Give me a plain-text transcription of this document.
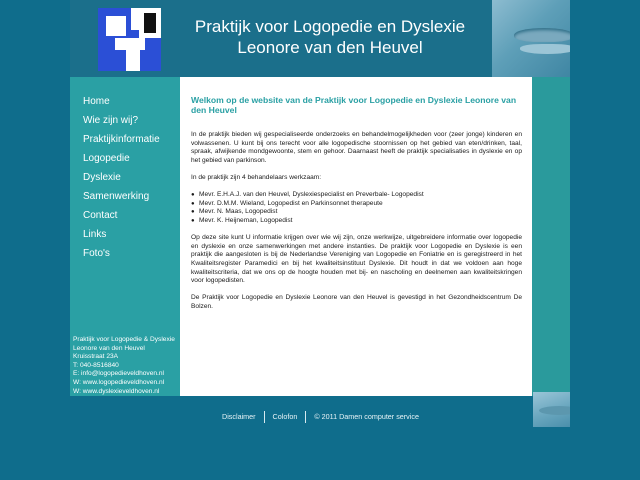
Praktijk voor Logopedie en Dyslexie
Leonore van den Heuvel
Home
Wie zijn wij?
Praktijkinformatie
Logopedie
Dyslexie
Samenwerking
Contact
Links
Foto's
Praktijk voor Logopedie & Dyslexie
Leonore van den Heuvel
Kruisstraat 23A
T: 040-8516840
E: info@logopedieveldhoven.nl
W: www.logopedieveldhoven.nl
W: www.dyslexieveldhoven.nl
Welkom op de website van de Praktijk voor Logopedie en Dyslexie Leonore van den Heuvel

In de praktijk bieden wij gespecialiseerde onderzoeks en behandelmogelijkheden voor (zeer jonge) kinderen en volwassenen. U kunt bij ons terecht voor alle logopedische stoornissen op het gebied van eten/drinken, taal, spraak, afwijkende mondgewoonte, stem en gehoor. Daarnaast heeft de praktijk specialisaties in dyslexie en op het gebied van parkinson.

In de praktijk zijn 4 behandelaars werkzaam:

● Mevr. E.H.A.J. van den Heuvel, Dyslexiespecialist en Preverbale- Logopedist
● Mevr. D.M.M. Wieland, Logopedist en Parkinsonnet therapeute
● Mevr. N. Maas, Logopedist
● Mevr. K. Heijneman, Logopedist

Op deze site kunt U informatie krijgen over wie wij zijn, onze werkwijze, uitgebreidere informatie over logopedie en dyslexie en onze samenwerkingen met andere instanties. De praktijk voor Logopedie en Dyslexie is een praktijk die aangesloten is bij de Nederlandse Vereniging van Logopedie en Foniatrie en is geregistreerd in het Kwaliteitsregister Paramedici en bij het kwaliteitsinstituut Dyslexie. Dit houdt in dat we voldoen aan hoge kwaliteitscriteria, dat we ons op de hoogte houden met bij- en nascholing en deelnemen aan kwaliteitskringen voor logopedisten.

De Praktijk voor Logopedie en Dyslexie Leonore van den Heuvel is gevestigd in het Gezondheidscentrum De Bolzen.

Disclaimer Colofon © 2011 Damen computer service
